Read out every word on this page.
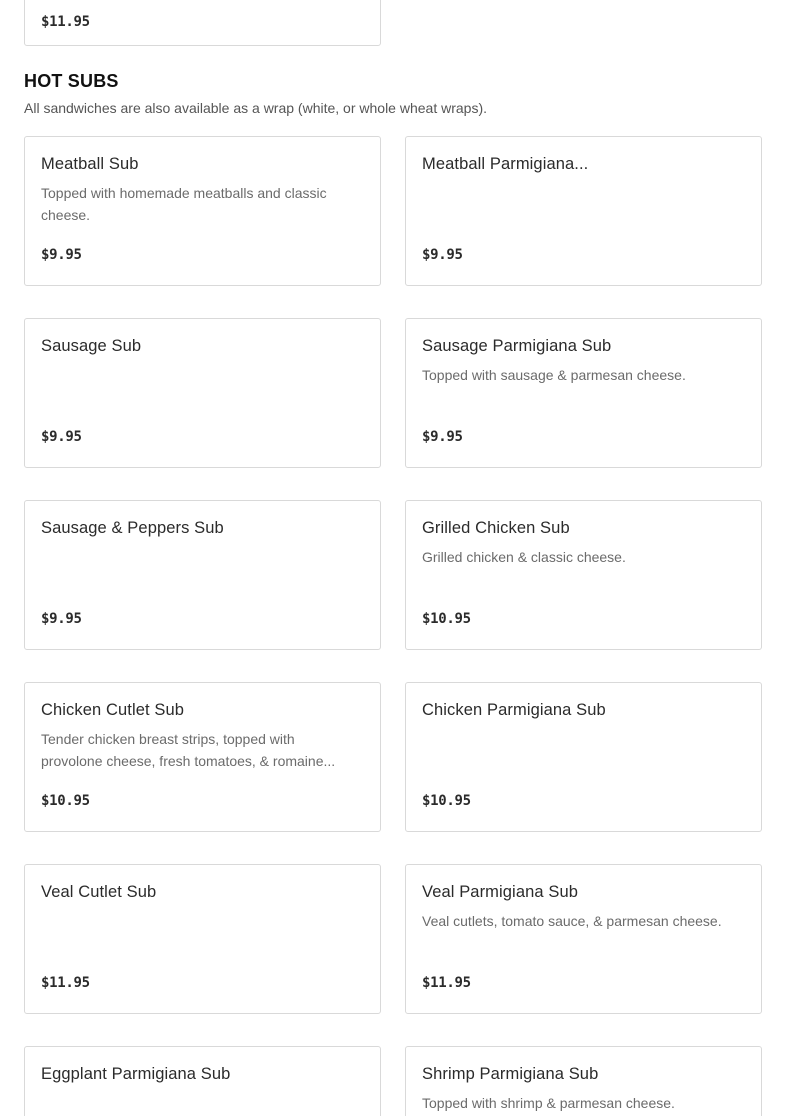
$11.95
HOT SUBS

All sandwiches are also available as a wrap (white, or whole wheat wraps).

Meatball Sub
Topped with homemade meatballs and classic cheese.
$9.95
Meatball Parmigiana...
$9.95
Sausage Sub
$9.95
Sausage Parmigiana Sub
Topped with sausage & parmesan cheese.
$9.95
Sausage & Peppers Sub
$9.95
Grilled Chicken Sub
Grilled chicken & classic cheese.
$10.95
Chicken Cutlet Sub
Tender chicken breast strips, topped with provolone cheese, fresh tomatoes, & romaine...
$10.95
Chicken Parmigiana Sub
$10.95
Veal Cutlet Sub
$11.95
Veal Parmigiana Sub
Veal cutlets, tomato sauce, & parmesan cheese.
$11.95
Eggplant Parmigiana Sub	Shrimp Parmigiana Sub
Topped with shrimp & parmesan cheese.
